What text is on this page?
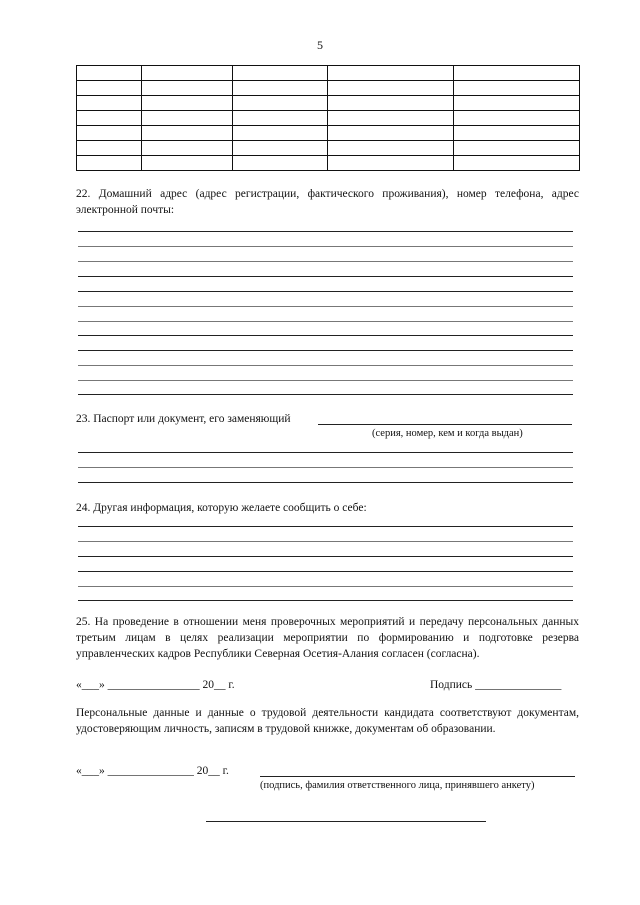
5

22. Домашний адрес (адрес регистрации, фактического проживания), номер телефона, адрес электронной почты:
23. Паспорт или документ, его заменяющий
(серия, номер, кем и когда выдан)
24. Другая информация, которую желаете сообщить о себе:
25. На проведение в отношении меня проверочных мероприятий и передачу персональных данных третьим лицам в целях реализации мероприятии по формированию и подготовке резерва управленческих кадров Республики Северная Осетия-Алания согласен (согласна).
«___» ________________ 20__ г.	Подпись _______________
Персональные данные и данные о трудовой деятельности кандидата соответствуют документам, удостоверяющим личность, записям в трудовой книжке, документам об образовании.
«___» _______________ 20__ г.
(подпись, фамилия ответственного лица, принявшего анкету)
